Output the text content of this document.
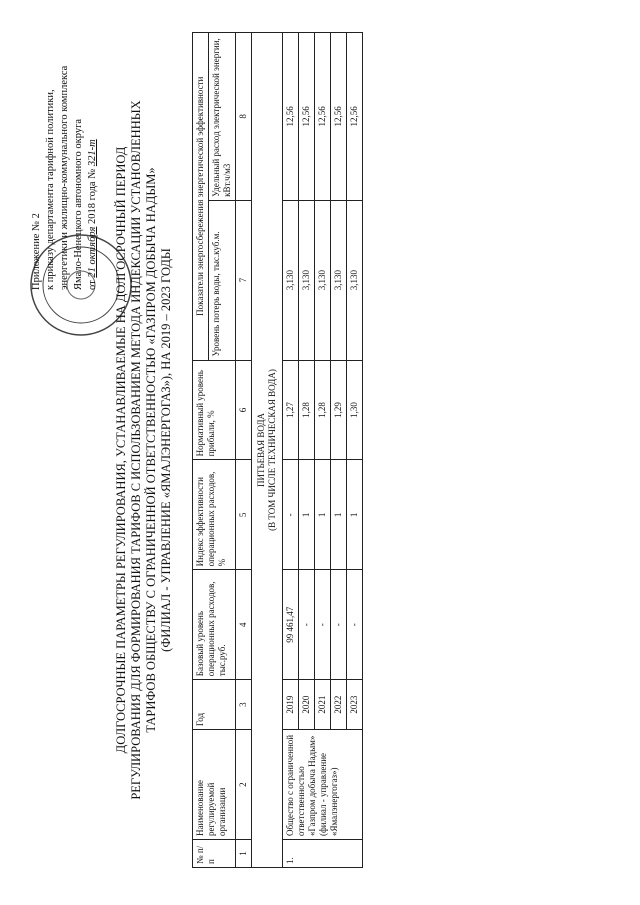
Приложение № 2 к приказу департамента тарифной политики, энергетики и жилищно-коммунального комплекса Ямало-Ненецкого автономного округа от 21 октября 2018 года № 321-т ДОЛГОСРОЧНЫЕ ПАРАМЕТРЫ РЕГУЛИРОВАНИЯ, УСТАНАВЛИВАЕМЫЕ НА ДОЛГОСРОЧНЫЙ ПЕРИОД РЕГУЛИРОВАНИЯ ДЛЯ ФОРМИРОВАНИЯ ТАРИФОВ С ИСПОЛЬЗОВАНИЕМ МЕТОДА ИНДЕКСАЦИИ УСТАНОВЛЕННЫХ ТАРИФОВ ОБЩЕСТВУ С ОГРАНИЧЕННОЙ ОТВЕТСТВЕННОСТЬЮ «ГАЗПРОМ ДОБЫЧА НАДЫМ» (ФИЛИАЛ - УПРАВЛЕНИЕ «ЯМАЛЭНЕРГОГАЗ»), НА 2019 – 2023 ГОДЫ
№ п/п	Наименование регулируемой организации	Год	Базовый уровень операционных расходов, тыс.руб.	Индекс эффективности операционных расходов, %	Нормативный уровень прибыли, %	Показатели энергосбережения энергетической эффективности	
						Уровень потерь воды, тыс.куб.м.	Удельный расход электрической энергии, кВт.ч/м3
1	2	3	4	5	6	7	8

ПИТЬЕВАЯ ВОДА (В ТОМ ЧИСЛЕ ТЕХНИЧЕСКАЯ ВОДА)							

1.	Общество с ограниченной ответственностью «Газпром добыча Надым» (филиал - управление «Ямалэнергогаз»)	2019	99 461,47	-	1,27	3,130	12,56
		2020	-	1	1,28	3,130	12,56
		2021	-	1	1,28	3,130	12,56
		2022	-	1	1,29	3,130	12,56
		2023	-	1	1,30	3,130	12,56
